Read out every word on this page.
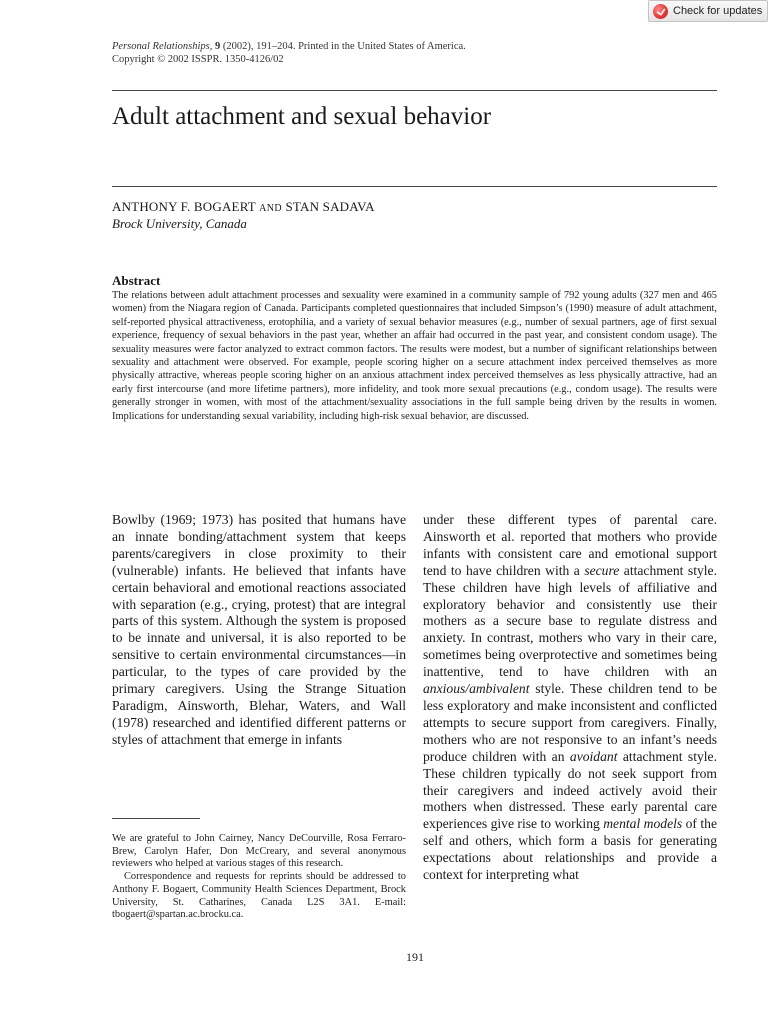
Check for updates
Personal Relationships, 9 (2002), 191–204. Printed in the United States of America.
Copyright © 2002 ISSPR. 1350-4126/02
Adult attachment and sexual behavior
ANTHONY F. BOGAERT AND STAN SADAVA
Brock University, Canada
Abstract
The relations between adult attachment processes and sexuality were examined in a community sample of 792 young adults (327 men and 465 women) from the Niagara region of Canada. Participants completed questionnaires that included Simpson’s (1990) measure of adult attachment, self-reported physical attractiveness, erotophilia, and a variety of sexual behavior measures (e.g., number of sexual partners, age of first sexual experience, frequency of sexual behaviors in the past year, whether an affair had occurred in the past year, and consistent condom usage). The sexuality measures were factor analyzed to extract common factors. The results were modest, but a number of significant relationships between sexuality and attachment were observed. For example, people scoring higher on a secure attachment index perceived themselves as more physically attractive, whereas people scoring higher on an anxious attachment index perceived themselves as less physically attractive, had an early first intercourse (and more lifetime partners), more infidelity, and took more sexual precautions (e.g., condom usage). The results were generally stronger in women, with most of the attachment/sexuality associations in the full sample being driven by the results in women. Implications for understanding sexual variability, including high-risk sexual behavior, are discussed.
Bowlby (1969; 1973) has posited that humans have an innate bonding/attachment system that keeps parents/caregivers in close proximity to their (vulnerable) infants. He believed that infants have certain behavioral and emotional reactions associated with separation (e.g., crying, protest) that are integral parts of this system. Although the system is proposed to be innate and universal, it is also reported to be sensitive to certain environmental circumstances—in particular, to the types of care provided by the primary caregivers. Using the Strange Situation Paradigm, Ainsworth, Blehar, Waters, and Wall (1978) researched and identified different patterns or styles of attachment that emerge in infants
under these different types of parental care. Ainsworth et al. reported that mothers who provide infants with consistent care and emotional support tend to have children with a secure attachment style. These children have high levels of affiliative and exploratory behavior and consistently use their mothers as a secure base to regulate distress and anxiety. In contrast, mothers who vary in their care, sometimes being overprotective and sometimes being inattentive, tend to have children with an anxious/ambivalent style. These children tend to be less exploratory and make inconsistent and conflicted attempts to secure support from caregivers. Finally, mothers who are not responsive to an infant’s needs produce children with an avoidant attachment style. These children typically do not seek support from their caregivers and indeed actively avoid their mothers when distressed. These early parental care experiences give rise to working mental models of the self and others, which form a basis for generating expectations about relationships and provide a context for interpreting what

We are grateful to John Cairney, Nancy DeCourville, Rosa Ferraro-Brew, Carolyn Hafer, Don McCreary, and several anonymous reviewers who helped at various stages of this research.

Correspondence and requests for reprints should be addressed to Anthony F. Bogaert, Community Health Sciences Department, Brock University, St. Catharines, Canada L2S 3A1. E-mail: tbogaert@spartan.ac.brocku.ca.

191
